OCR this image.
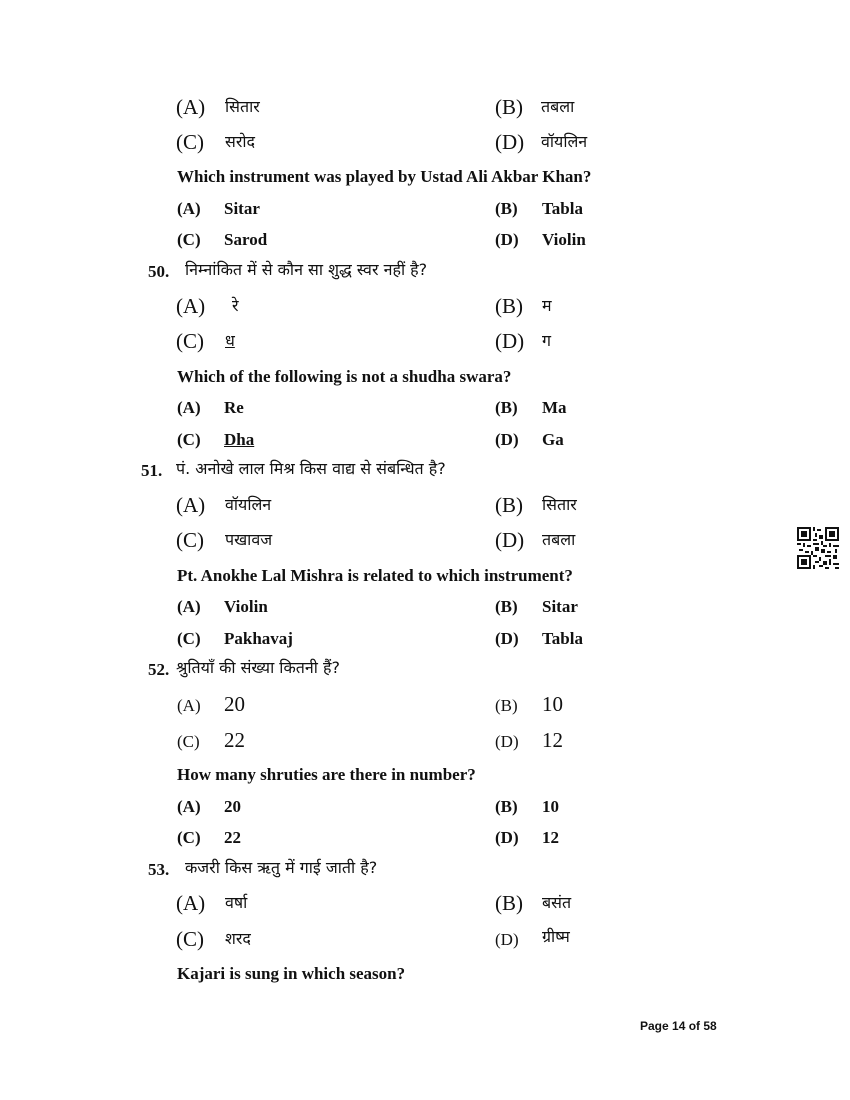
(A) सितार	(B) तबला
(C) सरोद	(D) वॉयलिन
Which instrument was played by Ustad Ali Akbar Khan?
(A) Sitar	(B) Tabla
(C) Sarod	(D) Violin
50. निम्नांकित में से कौन सा शुद्ध स्वर नहीं है?
(A) रे	(B) म
(C) ध	(D) ग
Which of the following is not a shudha swara?
(A) Re	(B) Ma
(C) Dha	(D) Ga
51. पं. अनोखे लाल मिश्र किस वाद्य से संबन्धित है?
(A) वॉयलिन	(B) सितार
(C) पखावज	(D) तबला
Pt. Anokhe Lal Mishra is related to which instrument?
(A) Violin	(B) Sitar
(C) Pakhavaj	(D) Tabla
52. श्रुतियाँ की संख्या कितनी हैं?
(A) 20	(B) 10
(C) 22	(D) 12
How many shruties are there in number?
(A) 20	(B) 10
(C) 22	(D) 12
53. कजरी किस ऋतु में गाई जाती है?
(A) वर्षा	(B) बसंत
(C) शरद	(D) ग्रीष्म
Kajari is sung in which season?
Page 14 of 58
